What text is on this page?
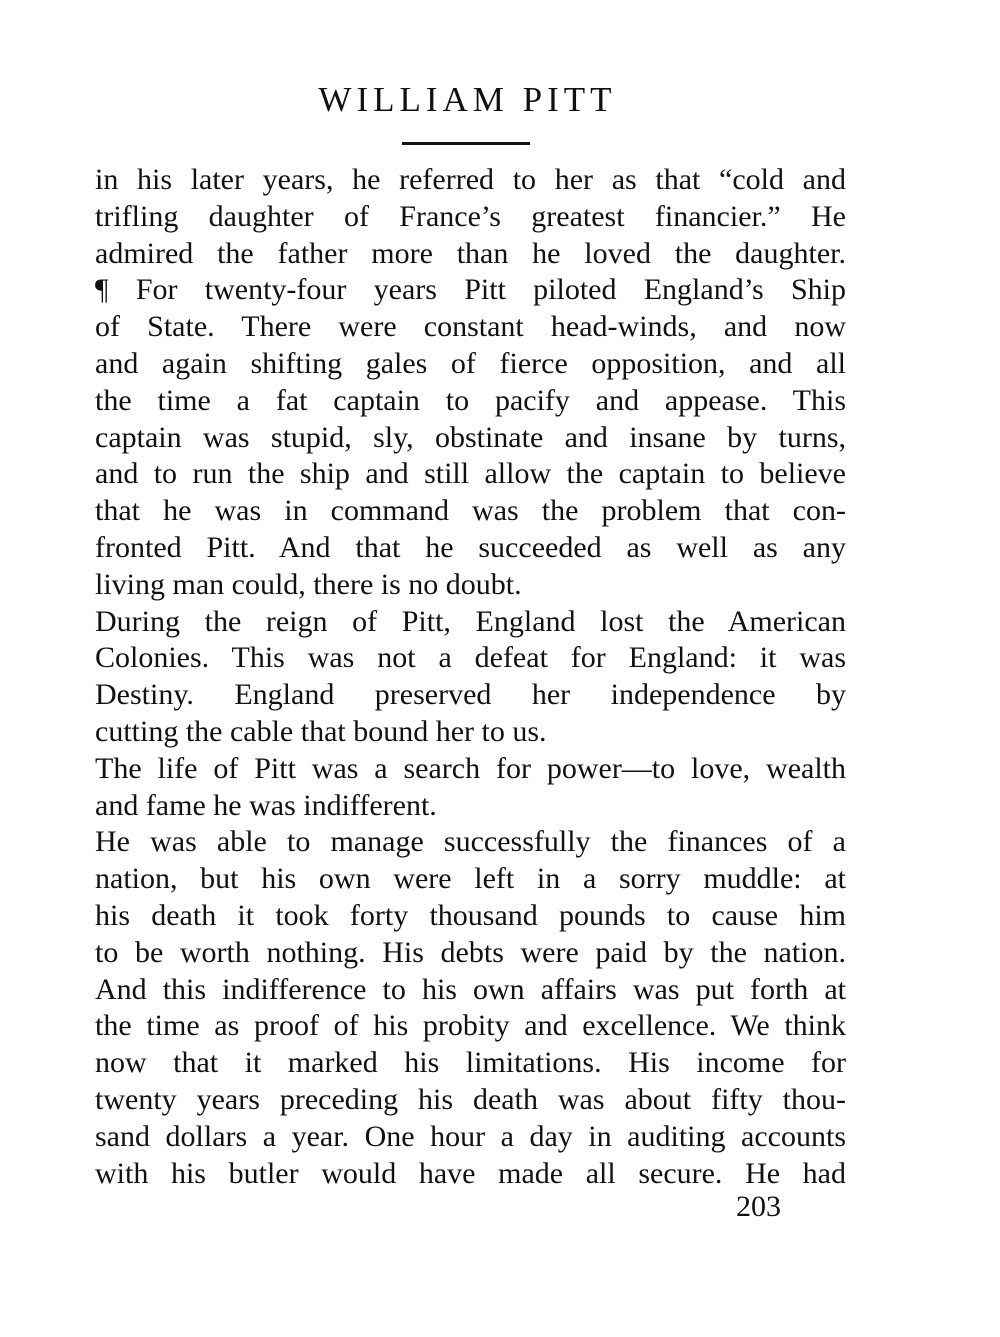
WILLIAM PITT
in his later years, he referred to her as that “cold and
trifling daughter of France’s greatest financier.” He
admired the father more than he loved the daughter.
¶ For twenty-four years Pitt piloted England’s Ship
of State. There were constant head-winds, and now
and again shifting gales of fierce opposition, and all
the time a fat captain to pacify and appease. This
captain was stupid, sly, obstinate and insane by turns,
and to run the ship and still allow the captain to believe
that he was in command was the problem that con-
fronted Pitt. And that he succeeded as well as any
living man could, there is no doubt.
During the reign of Pitt, England lost the American
Colonies. This was not a defeat for England: it was
Destiny. England preserved her independence by
cutting the cable that bound her to us.
The life of Pitt was a search for power—to love, wealth
and fame he was indifferent.
He was able to manage successfully the finances of a
nation, but his own were left in a sorry muddle: at
his death it took forty thousand pounds to cause him
to be worth nothing. His debts were paid by the nation.
And this indifference to his own affairs was put forth at
the time as proof of his probity and excellence. We think
now that it marked his limitations. His income for
twenty years preceding his death was about fifty thou-
sand dollars a year. One hour a day in auditing accounts
with his butler would have made all secure. He had
203
